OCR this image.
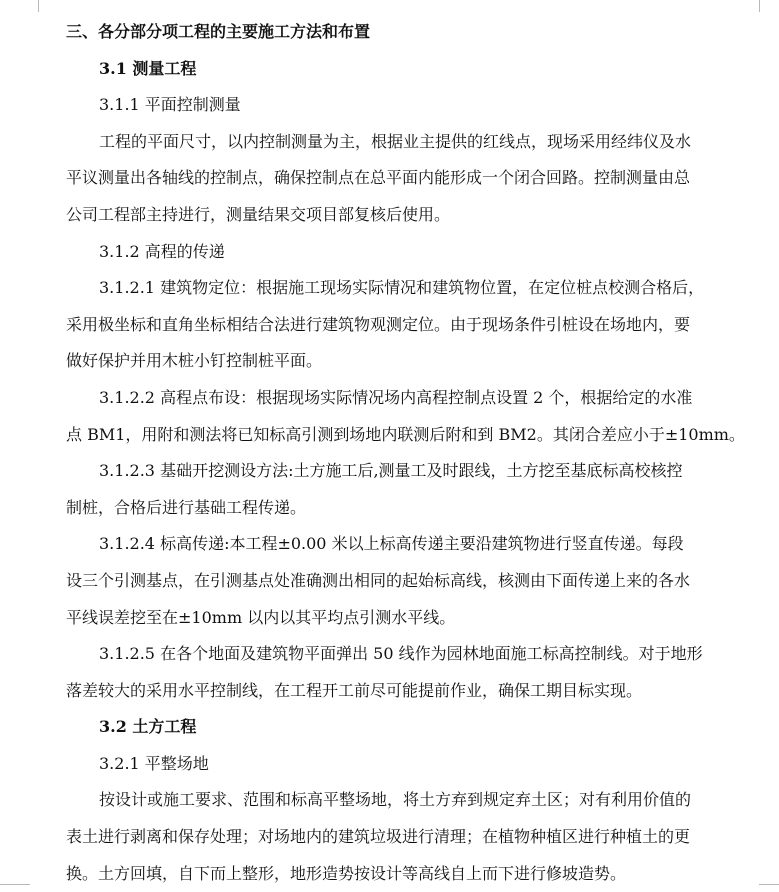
三、各分部分项工程的主要施工方法和布置
3.1 测量工程
3.1.1 平面控制测量
工程的平面尺寸，以内控制测量为主，根据业主提供的红线点，现场采用经纬仪及水
平议测量出各轴线的控制点，确保控制点在总平面内能形成一个闭合回路。控制测量由总
公司工程部主持进行，测量结果交项目部复核后使用。
3.1.2 高程的传递
3.1.2.1 建筑物定位：根据施工现场实际情况和建筑物位置，在定位桩点校测合格后，
采用极坐标和直角坐标相结合法进行建筑物观测定位。由于现场条件引桩设在场地内，要
做好保护并用木桩小钉控制桩平面。
3.1.2.2 高程点布设：根据现场实际情况场内高程控制点设置 2 个，根据给定的水准
点 BM1，用附和测法将已知标高引测到场地内联测后附和到 BM2。其闭合差应小于±10mm。
3.1.2.3 基础开挖测设方法:土方施工后,测量工及时跟线，土方挖至基底标高校核控
制桩，合格后进行基础工程传递。
3.1.2.4 标高传递:本工程±0.00 米以上标高传递主要沿建筑物进行竖直传递。每段
设三个引测基点，在引测基点处准确测出相同的起始标高线，核测由下面传递上来的各水
平线误差挖至在±10mm 以内以其平均点引测水平线。
3.1.2.5 在各个地面及建筑物平面弹出 50 线作为园林地面施工标高控制线。对于地形
落差较大的采用水平控制线，在工程开工前尽可能提前作业，确保工期目标实现。
3.2 土方工程
3.2.1 平整场地
按设计或施工要求、范围和标高平整场地，将土方弃到规定弃土区；对有利用价值的
表土进行剥离和保存处理；对场地内的建筑垃圾进行清理；在植物种植区进行种植土的更
换。土方回填，自下而上整形，地形造势按设计等高线自上而下进行修坡造势。
